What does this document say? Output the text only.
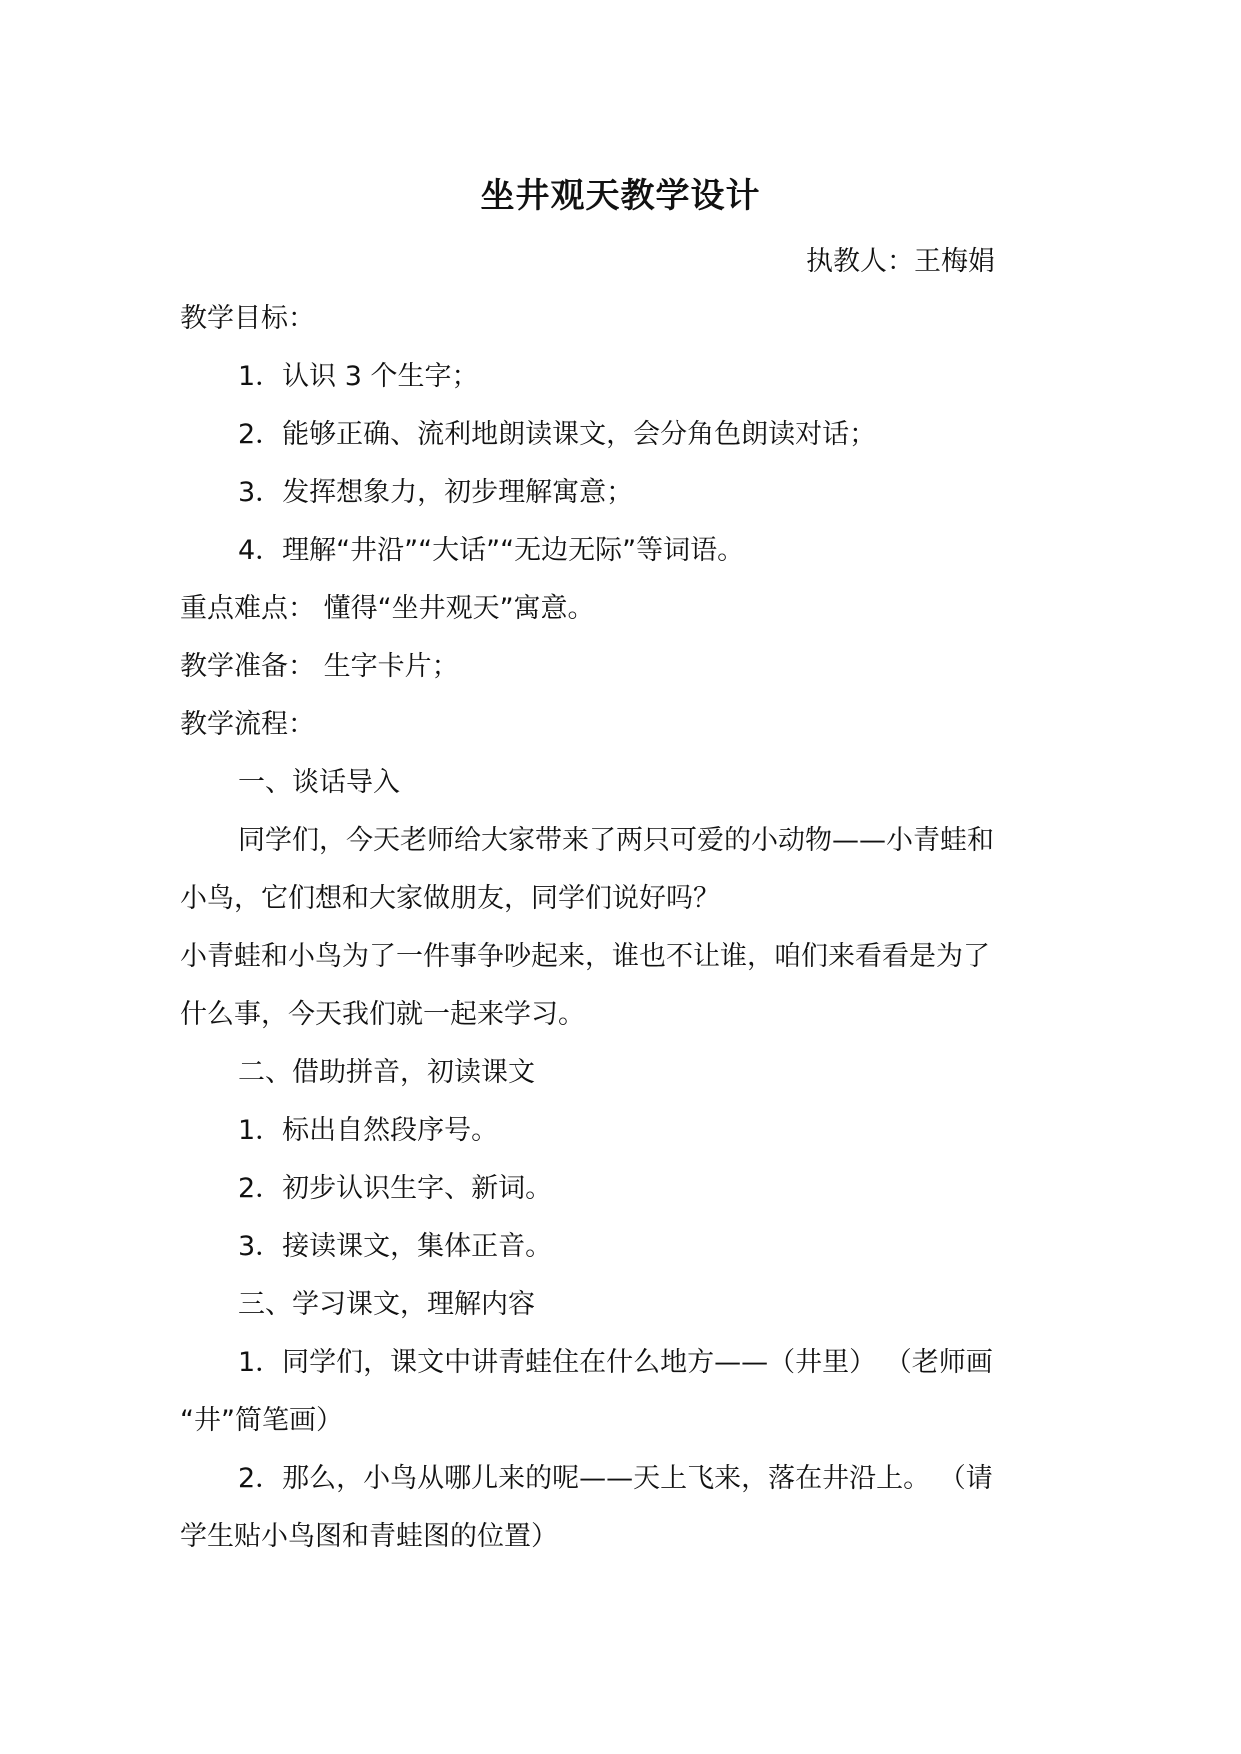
坐井观天教学设计
执教人：王梅娟
教学目标：
1．认识 3 个生字；
2．能够正确、流利地朗读课文，会分角色朗读对话；
3．发挥想象力，初步理解寓意；
4．理解“井沿”“大话”“无边无际”等词语。
重点难点： 懂得“坐井观天”寓意。
教学准备： 生字卡片；
教学流程：
一、谈话导入
同学们，今天老师给大家带来了两只可爱的小动物——小青蛙和
小鸟，它们想和大家做朋友，同学们说好吗？
小青蛙和小鸟为了一件事争吵起来，谁也不让谁，咱们来看看是为了
什么事，今天我们就一起来学习。
二、借助拼音，初读课文
1．标出自然段序号。
2．初步认识生字、新词。
3．接读课文，集体正音。
三、学习课文，理解内容
1．同学们，课文中讲青蛙住在什么地方——（井里） （老师画
“井”简笔画）
2．那么，小鸟从哪儿来的呢——天上飞来，落在井沿上。 （请
学生贴小鸟图和青蛙图的位置）
